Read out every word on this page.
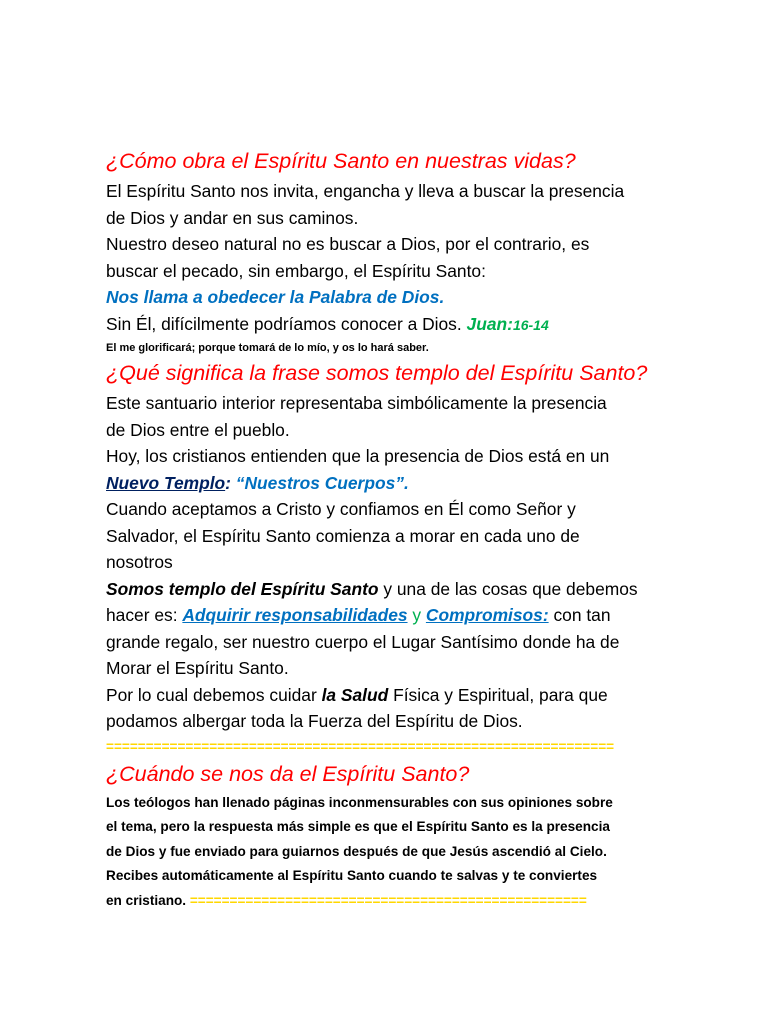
¿Cómo obra el Espíritu Santo en nuestras vidas?

El Espíritu Santo nos invita, engancha y lleva a buscar la presencia

de Dios y andar en sus caminos.

Nuestro deseo natural no es buscar a Dios, por el contrario, es

buscar el pecado, sin embargo, el Espíritu Santo:

Nos llama a obedecer la Palabra de Dios.

Sin Él, difícilmente podríamos conocer a Dios. Juan:16-14

El me glorificará; porque tomará de lo mío, y os lo hará saber.

¿Qué significa la frase somos templo del Espíritu Santo?

Este santuario interior representaba simbólicamente la presencia

de Dios entre el pueblo.

Hoy, los cristianos entienden que la presencia de Dios está en un

Nuevo Templo: “Nuestros Cuerpos”.

Cuando aceptamos a Cristo y confiamos en Él como Señor y

Salvador, el Espíritu Santo comienza a morar en cada uno de

nosotros

Somos templo del Espíritu Santo y una de las cosas que debemos

hacer es: Adquirir responsabilidades y Compromisos: con tan

grande regalo, ser nuestro cuerpo el Lugar Santísimo donde ha de

Morar el Espíritu Santo.

Por lo cual debemos cuidar la Salud Física y Espiritual, para que

podamos albergar toda la Fuerza del Espíritu de Dios.

================================================================

¿Cuándo se nos da el Espíritu Santo?

Los teólogos han llenado páginas inconmensurables con sus opiniones sobre

el tema, pero la respuesta más simple es que el Espíritu Santo es la presencia

de Dios y fue enviado para guiarnos después de que Jesús ascendió al Cielo.

Recibes automáticamente al Espíritu Santo cuando te salvas y te conviertes

en cristiano. ==================================================
